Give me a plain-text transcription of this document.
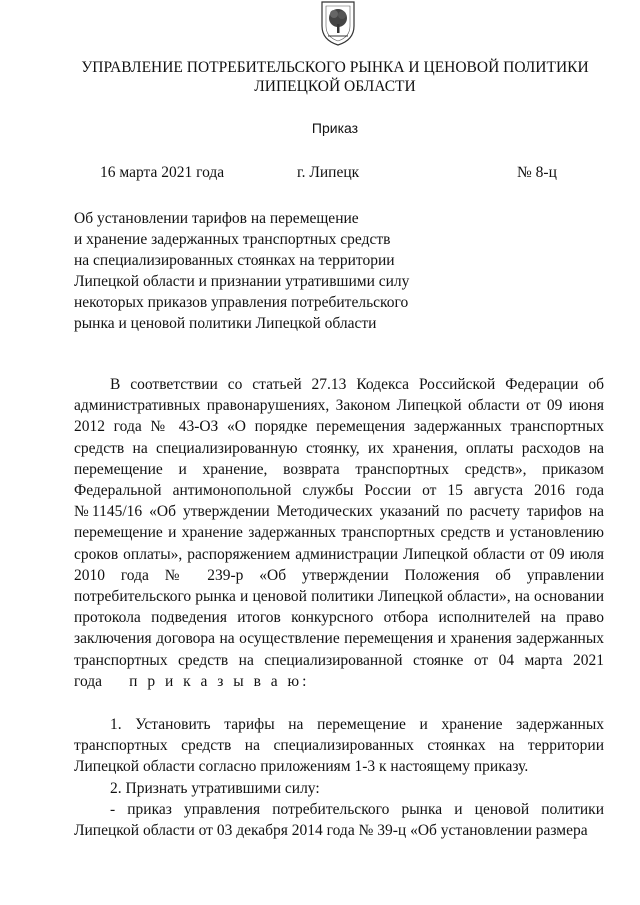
УПРАВЛЕНИЕ ПОТРЕБИТЕЛЬСКОГО РЫНКА И ЦЕНОВОЙ ПОЛИТИКИ
ЛИПЕЦКОЙ ОБЛАСТИ
Приказ
16 марта 2021 года	г. Липецк	№ 8-ц
Об установлении тарифов на перемещение
и хранение задержанных транспортных средств
на специализированных стоянках на территории
Липецкой области и признании утратившими силу
некоторых приказов управления потребительского
рынка и ценовой политики Липецкой области

В соответствии со статьей 27.13 Кодекса Российской Федерации об административных правонарушениях, Законом Липецкой области от 09 июня 2012 года № 43-ОЗ «О порядке перемещения задержанных транспортных средств на специализированную стоянку, их хранения, оплаты расходов на перемещение и хранение, возврата транспортных средств», приказом Федеральной антимонопольной службы России от 15 августа 2016 года №1145/16 «Об утверждении Методических указаний по расчету тарифов на перемещение и хранение задержанных транспортных средств и установлению сроков оплаты», распоряжением администрации Липецкой области от 09 июля 2010 года № 239-р «Об утверждении Положения об управлении потребительского рынка и ценовой политики Липецкой области», на основании протокола подведения итогов конкурсного отбора исполнителей на право заключения договора на осуществление перемещения и хранения задержанных транспортных средств на специализированной стоянке от 04 марта 2021 года п р и к а з ы в а ю:

1. Установить тарифы на перемещение и хранение задержанных транспортных средств на специализированных стоянках на территории Липецкой области согласно приложениям 1-3 к настоящему приказу.

2. Признать утратившими силу:

- приказ управления потребительского рынка и ценовой политики Липецкой области от 03 декабря 2014 года № 39-ц «Об установлении размера
